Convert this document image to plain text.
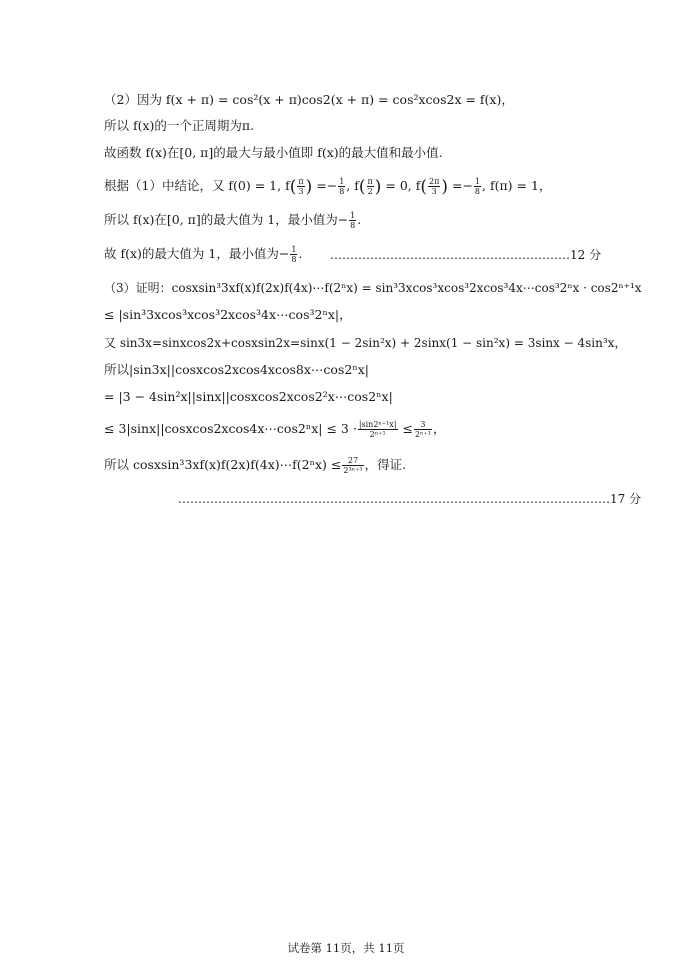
（2）因为 f(x + π) = cos²(x + π)cos2(x + π) = cos²xcos2x = f(x)，
所以 f(x)的一个正周期为π.
故函数 f(x)在[0, π]的最大与最小值即 f(x)的最大值和最小值.
根据（1）中结论，又 f(0) = 1, $f( \frac{\pi}{3}$ ) =− $\frac{1}{8}$ , $f( \frac{\pi}{2}$ ) = 0, $f( \frac{2\pi}{3}$ ) =− $\frac{1}{8}$ , f(π) = 1，
所以 f(x)在[0, π]的最大值为 1，最小值为− $\frac{1}{8}$ .
故 f(x)的最大值为 1，最小值为− $\frac{1}{8}$ . ……………………………………………………12 分
（3）证明：cosxsin³3xf(x)f(2x)f(4x)⋯f(2ⁿx) = sin³3xcos³xcos³2xcos³4x⋯cos³2ⁿx · cos2ⁿ⁺¹x
≤ |sin³3xcos³xcos³2xcos³4x⋯cos³2ⁿx|，
又 sin3x=sinxcos2x+cosxsin2x=sinx(1 − 2sin²x) + 2sinx(1 − sin²x) = 3sinx − 4sin³x，
所以|sin3x||cosxcos2xcos4xcos8x⋯cos2ⁿx|
= |3 − 4sin²x||sinx||cosxcos2xcos2²x⋯cos2ⁿx|
≤ 3|sinx||cosxcos2xcos4x⋯cos2ⁿx| ≤ $3 \cdot \frac{\text{|sin2ⁿ⁺¹x|}}{\text{2ⁿ⁺¹}} \le \frac{3}{\text{2ⁿ⁺¹}}$ ，
所以 cosxsin³3xf(x)f(2x)f(4x)⋯f(2ⁿx) ≤ $\frac{27}{\text{2³ⁿ⁺³}}$ ，得证.
………………………………………………………………………………………………17 分
试卷第 11页，共 11页
